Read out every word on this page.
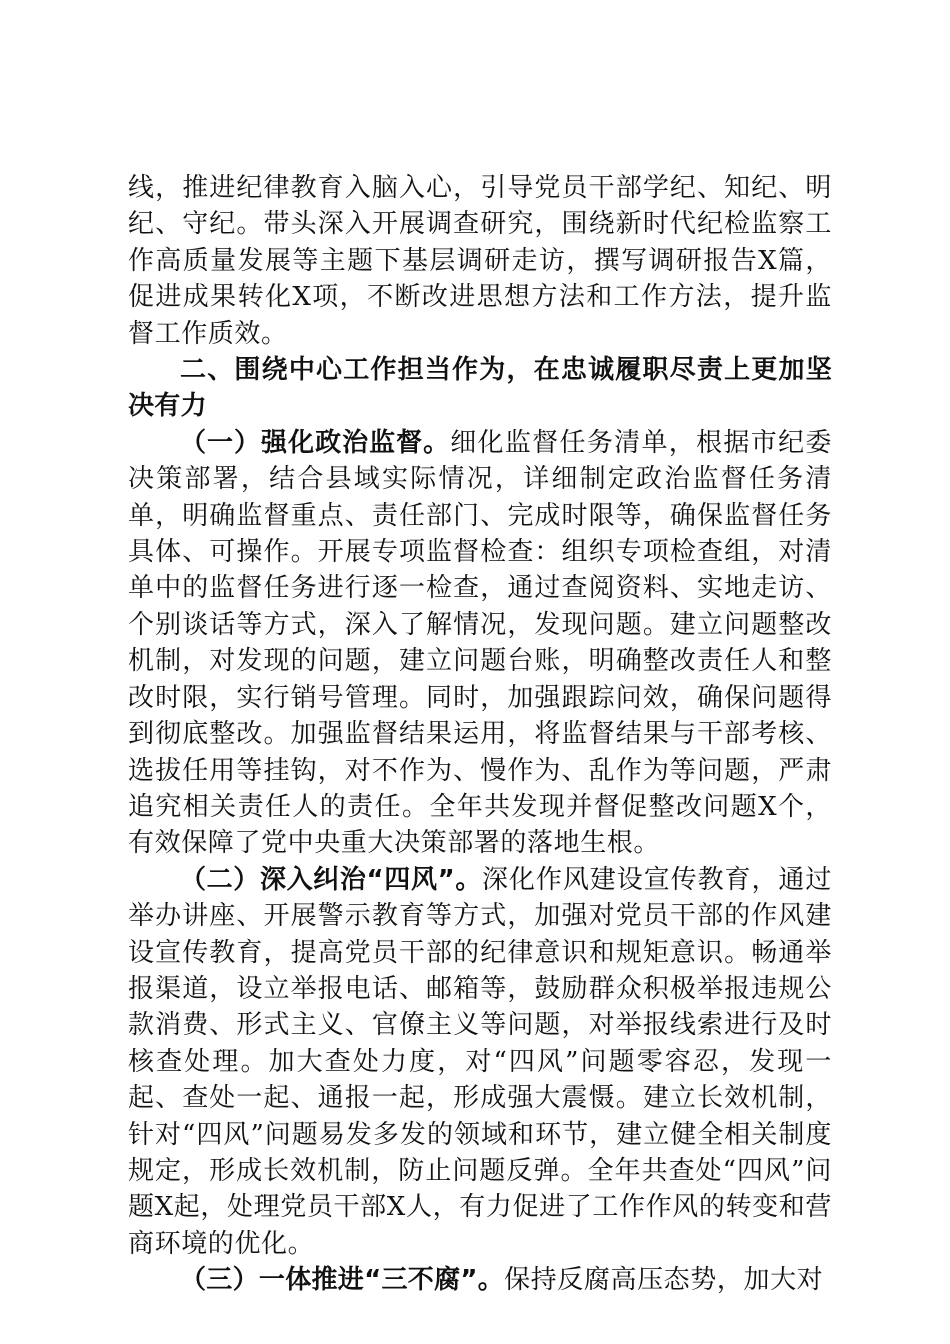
线，推进纪律教育入脑入心，引导党员干部学纪、知纪、明纪、守纪。带头深入开展调查研究，围绕新时代纪检监察工作高质量发展等主题下基层调研走访，撰写调研报告X篇，促进成果转化X项，不断改进思想方法和工作方法，提升监督工作质效。

二、围绕中心工作担当作为，在忠诚履职尽责上更加坚决有力

（一）强化政治监督。细化监督任务清单，根据市纪委决策部署，结合县域实际情况，详细制定政治监督任务清单，明确监督重点、责任部门、完成时限等，确保监督任务具体、可操作。开展专项监督检查：组织专项检查组，对清单中的监督任务进行逐一检查，通过查阅资料、实地走访、个别谈话等方式，深入了解情况，发现问题。建立问题整改机制，对发现的问题，建立问题台账，明确整改责任人和整改时限，实行销号管理。同时，加强跟踪问效，确保问题得到彻底整改。加强监督结果运用，将监督结果与干部考核、选拔任用等挂钩，对不作为、慢作为、乱作为等问题，严肃追究相关责任人的责任。全年共发现并督促整改问题X个，有效保障了党中央重大决策部署的落地生根。

（二）深入纠治“四风”。深化作风建设宣传教育，通过举办讲座、开展警示教育等方式，加强对党员干部的作风建设宣传教育，提高党员干部的纪律意识和规矩意识。畅通举报渠道，设立举报电话、邮箱等，鼓励群众积极举报违规公款消费、形式主义、官僚主义等问题，对举报线索进行及时核查处理。加大查处力度，对“四风”问题零容忍，发现一起、查处一起、通报一起，形成强大震慑。建立长效机制，针对“四风”问题易发多发的领域和环节，建立健全相关制度规定，形成长效机制，防止问题反弹。全年共查处“四风”问题X起，处理党员干部X人，有力促进了工作作风的转变和营商环境的优化。

（三）一体推进“三不腐”。保持反腐高压态势，加大对
